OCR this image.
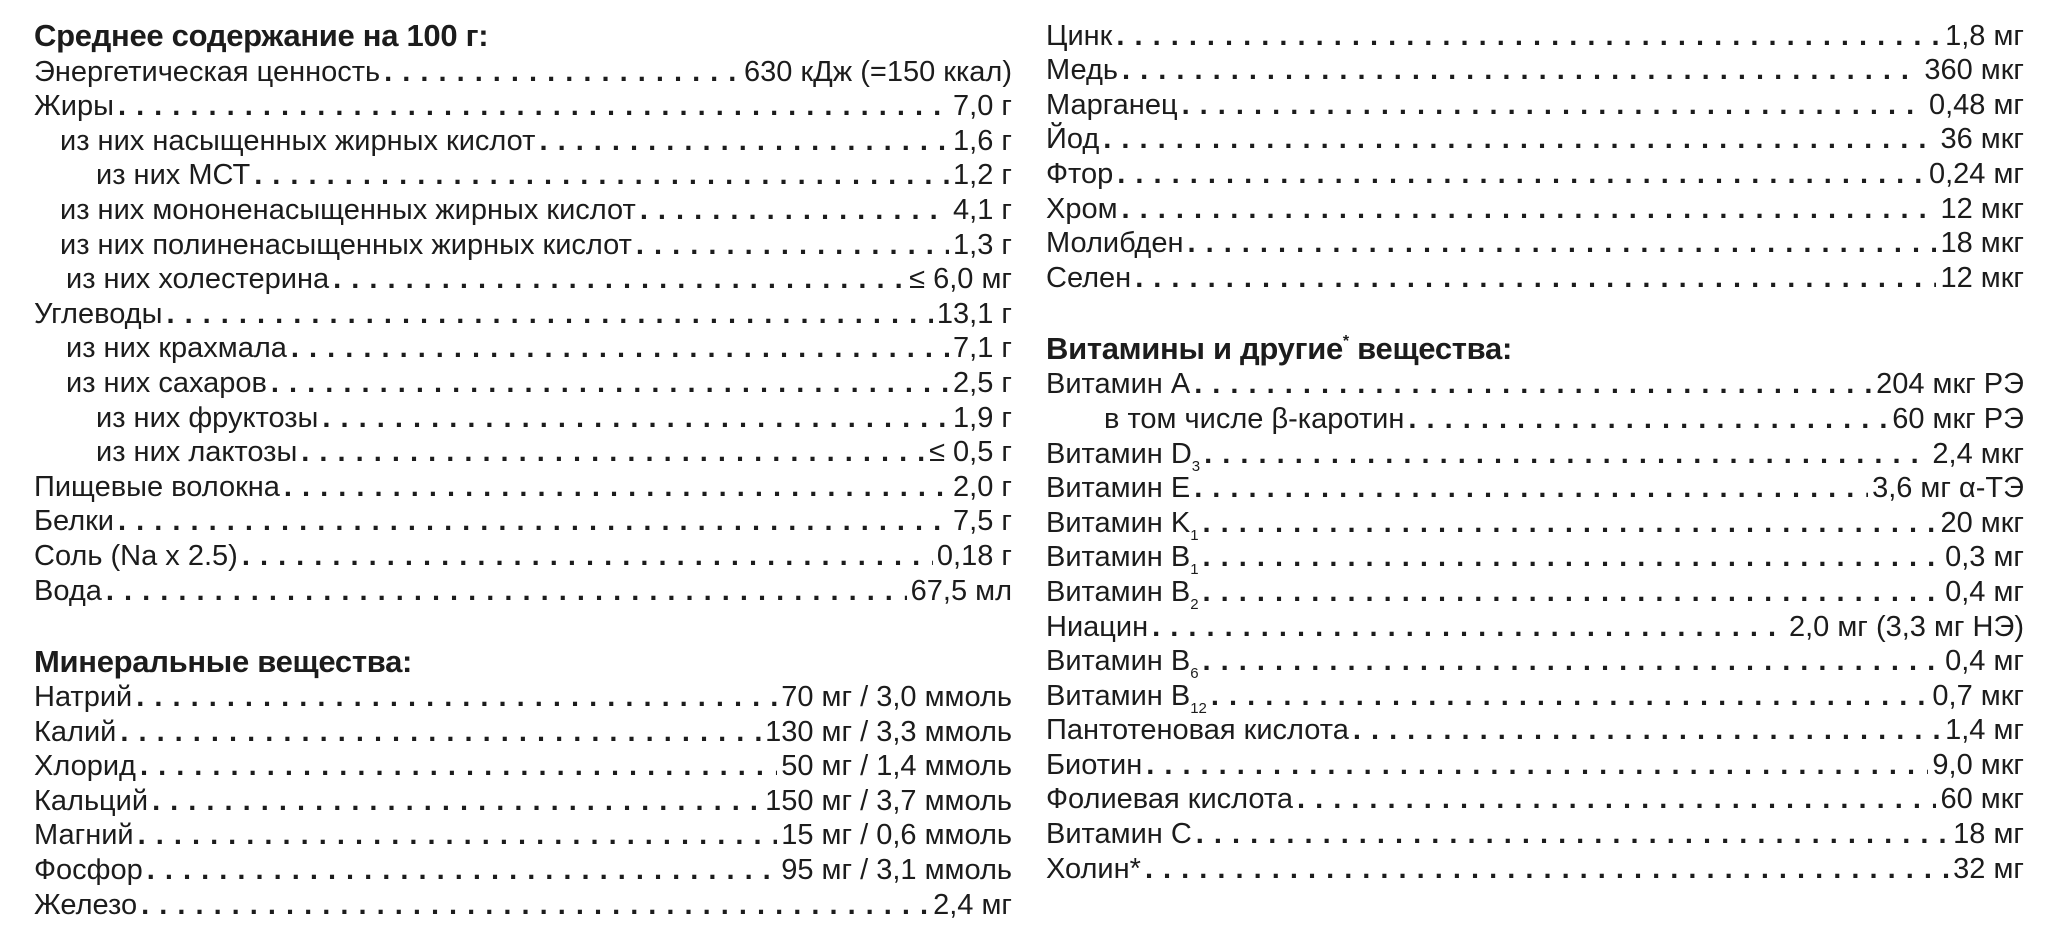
Среднее содержание на 100 г:
Энергетическая ценность . . .	630 кДж (=150 ккал)
Жиры . . .	7,0 г
из них насыщенных жирных кислот . . .	1,6 г
из них МСТ . . .	1,2 г
из них мононенасыщенных жирных кислот . . .	4,1 г
из них полиненасыщенных жирных кислот . . .	1,3 г
из них холестерина . . .	≤ 6,0 мг
Углеводы . . .	13,1 г
из них крахмала . . .	7,1 г
из них сахаров . . .	2,5 г
из них фруктозы . . .	1,9 г
из них лактозы . . .	≤ 0,5 г
Пищевые волокна . . .	2,0 г
Белки . . .	7,5 г
Соль (Na x 2.5) . . .	0,18 г
Вода . . .	67,5 мл
Минеральные вещества:
Натрий . . .	70 мг / 3,0 ммоль
Калий . . .	130 мг / 3,3 ммоль
Хлорид . . .	50 мг / 1,4 ммоль
Кальций . . .	150 мг / 3,7 ммоль
Магний . . .	15 мг / 0,6 ммоль
Фосфор . . .	95 мг / 3,1 ммоль
Железо . . .	2,4 мг
Цинк . . .	1,8 мг
Медь . . .	360 мкг
Марганец . . .	0,48 мг
Йод . . .	36 мкг
Фтор . . .	0,24 мг
Хром . . .	12 мкг
Молибден . . .	18 мкг
Селен . . .	12 мкг
Витамины и другие* вещества:
Витамин A . . .	204 мкг РЭ
в том числе β-каротин . . .	60 мкг РЭ
Витамин $D_3$ . . .	2,4 мкг
Витамин E . . .	3,6 мг α-ТЭ
Витамин $K_1$ . . .	20 мкг
Витамин $B_1$ . . .	0,3 мг
Витамин $B_2$ . . .	0,4 мг
Ниацин . . .	2,0 мг (3,3 мг НЭ)
Витамин $B_6$ . . .	0,4 мг
Витамин $B_{12}$ . . .	0,7 мкг
Пантотеновая кислота . . .	1,4 мг
Биотин . . .	9,0 мкг
Фолиевая кислота . . .	60 мкг
Витамин C . . .	18 мг
Холин* . . .	32 мг
